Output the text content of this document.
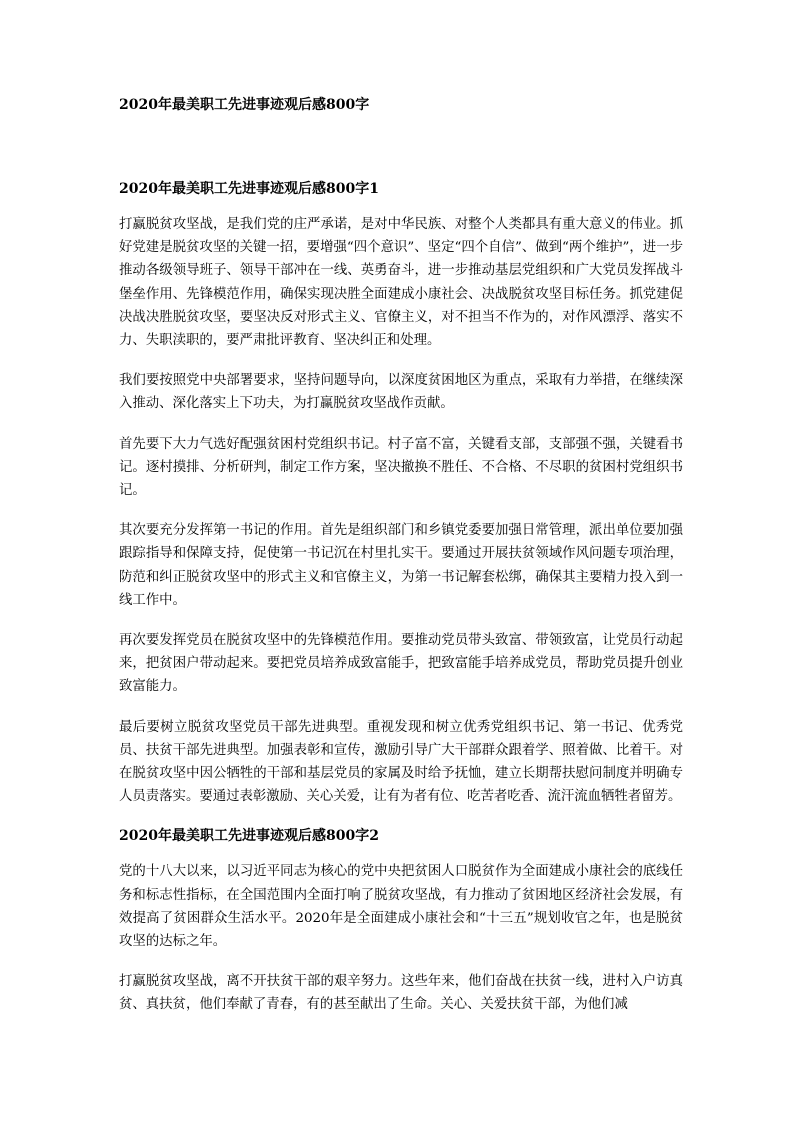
2020年最美职工先进事迹观后感800字
2020年最美职工先进事迹观后感800字1

打赢脱贫攻坚战，是我们党的庄严承诺，是对中华民族、对整个人类都具有重大意义的伟业。抓好党建是脱贫攻坚的关键一招，要增强“四个意识”、坚定“四个自信”、做到“两个维护”，进一步推动各级领导班子、领导干部冲在一线、英勇奋斗，进一步推动基层党组织和广大党员发挥战斗堡垒作用、先锋模范作用，确保实现决胜全面建成小康社会、决战脱贫攻坚目标任务。抓党建促决战决胜脱贫攻坚，要坚决反对形式主义、官僚主义，对不担当不作为的，对作风漂浮、落实不力、失职渎职的，要严肃批评教育、坚决纠正和处理。

我们要按照党中央部署要求，坚持问题导向，以深度贫困地区为重点，采取有力举措，在继续深入推动、深化落实上下功夫，为打赢脱贫攻坚战作贡献。

首先要下大力气选好配强贫困村党组织书记。村子富不富，关键看支部，支部强不强，关键看书记。逐村摸排、分析研判，制定工作方案，坚决撤换不胜任、不合格、不尽职的贫困村党组织书记。

其次要充分发挥第一书记的作用。首先是组织部门和乡镇党委要加强日常管理，派出单位要加强跟踪指导和保障支持，促使第一书记沉在村里扎实干。要通过开展扶贫领域作风问题专项治理，防范和纠正脱贫攻坚中的形式主义和官僚主义，为第一书记解套松绑，确保其主要精力投入到一线工作中。

再次要发挥党员在脱贫攻坚中的先锋模范作用。要推动党员带头致富、带领致富，让党员行动起来，把贫困户带动起来。要把党员培养成致富能手，把致富能手培养成党员，帮助党员提升创业致富能力。

最后要树立脱贫攻坚党员干部先进典型。重视发现和树立优秀党组织书记、第一书记、优秀党员、扶贫干部先进典型。加强表彰和宣传，激励引导广大干部群众跟着学、照着做、比着干。对在脱贫攻坚中因公牺牲的干部和基层党员的家属及时给予抚恤，建立长期帮扶慰问制度并明确专人员责落实。要通过表彰激励、关心关爱，让有为者有位、吃苦者吃香、流汗流血牺牲者留芳。

2020年最美职工先进事迹观后感800字2

党的十八大以来，以习近平同志为核心的党中央把贫困人口脱贫作为全面建成小康社会的底线任务和标志性指标，在全国范围内全面打响了脱贫攻坚战，有力推动了贫困地区经济社会发展，有效提高了贫困群众生活水平。2020年是全面建成小康社会和“十三五”规划收官之年，也是脱贫攻坚的达标之年。

打赢脱贫攻坚战，离不开扶贫干部的艰辛努力。这些年来，他们奋战在扶贫一线，进村入户访真贫、真扶贫，他们奉献了青春，有的甚至献出了生命。关心、关爱扶贫干部，为他们减
